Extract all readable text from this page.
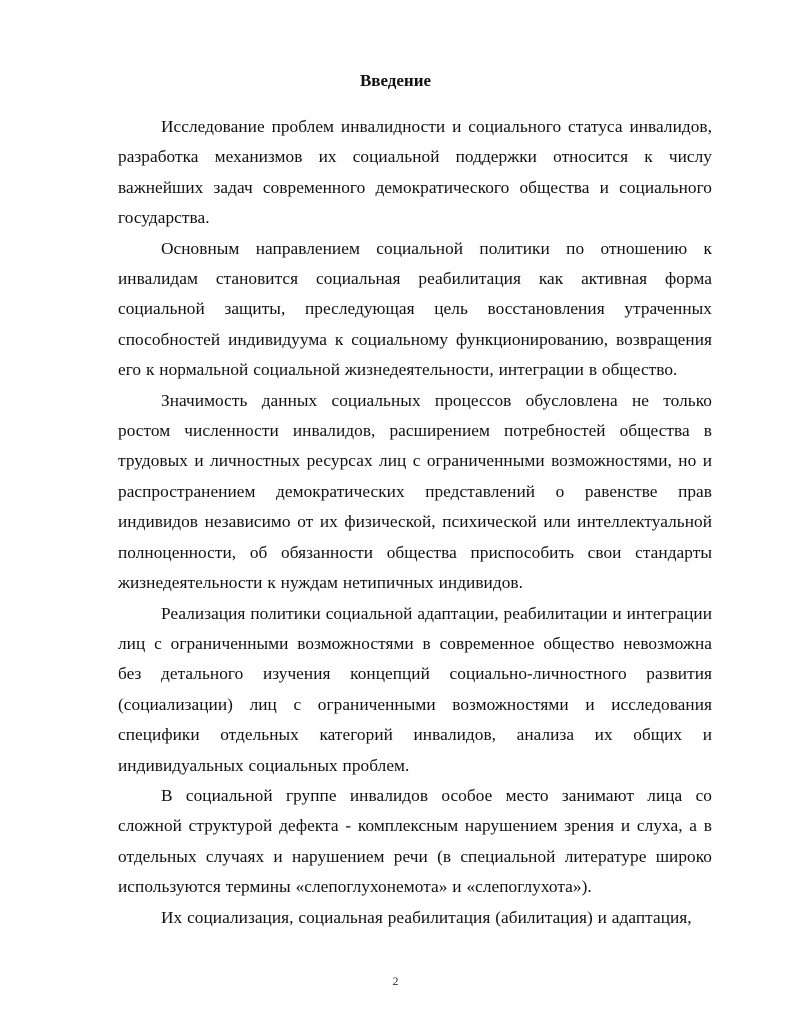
Введение

Исследование проблем инвалидности и социального статуса инвалидов, разработка механизмов их социальной поддержки относится к числу важнейших задач современного демократического общества и социального государства.

Основным направлением социальной политики по отношению к инвалидам становится социальная реабилитация как активная форма социальной защиты, преследующая цель восстановления утраченных способностей индивидуума к социальному функционированию, возвращения его к нормальной социальной жизнедеятельности, интеграции в общество.

Значимость данных социальных процессов обусловлена не только ростом численности инвалидов, расширением потребностей общества в трудовых и личностных ресурсах лиц с ограниченными возможностями, но и распространением демократических представлений о равенстве прав индивидов независимо от их физической, психической или интеллектуальной полноценности, об обязанности общества приспособить свои стандарты жизнедеятельности к нуждам нетипичных индивидов.

Реализация политики социальной адаптации, реабилитации и интеграции лиц с ограниченными возможностями в современное общество невозможна без детального изучения концепций социально-личностного развития (социализации) лиц с ограниченными возможностями и исследования специфики отдельных категорий инвалидов, анализа их общих и индивидуальных социальных проблем.

В социальной группе инвалидов особое место занимают лица со сложной структурой дефекта - комплексным нарушением зрения и слуха, а в отдельных случаях и нарушением речи (в специальной литературе широко используются термины «слепоглухонемота» и «слепоглухота»).

Их социализация, социальная реабилитация (абилитация) и адаптация,

2
